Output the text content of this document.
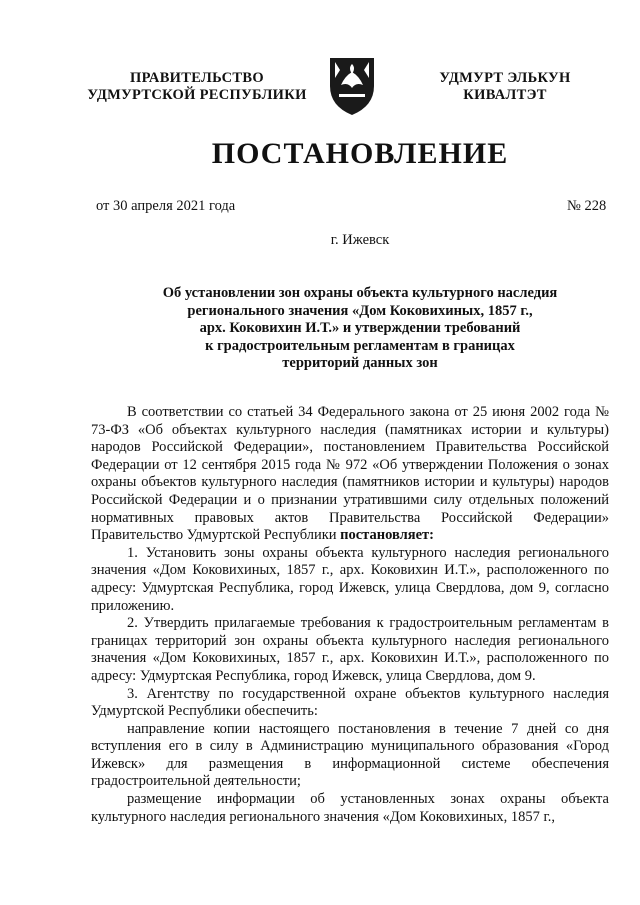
ПРАВИТЕЛЬСТВО
УДМУРТСКОЙ РЕСПУБЛИКИ
УДМУРТ ЭЛЬКУН
КИВАЛТЭТ
ПОСТАНОВЛЕНИЕ
от 30 апреля 2021 года	№ 228
г. Ижевск
Об установлении зон охраны объекта культурного наследия
регионального значения «Дом Коковихиных, 1857 г.,
арх. Коковихин И.Т.» и утверждении требований
к градостроительным регламентам в границах
территорий данных зон

В соответствии со статьей 34 Федерального закона от 25 июня 2002 года № 73-ФЗ «Об объектах культурного наследия (памятниках истории и культуры) народов Российской Федерации», постановлением Правительства Российской Федерации от 12 сентября 2015 года № 972 «Об утверждении Положения о зонах охраны объектов культурного наследия (памятников истории и культуры) народов Российской Федерации и о признании утратившими силу отдельных положений нормативных правовых актов Правительства Российской Федерации» Правительство Удмуртской Республики постановляет:

1. Установить зоны охраны объекта культурного наследия регионального значения «Дом Коковихиных, 1857 г., арх. Коковихин И.Т.», расположенного по адресу: Удмуртская Республика, город Ижевск, улица Свердлова, дом 9, согласно приложению.

2. Утвердить прилагаемые требования к градостроительным регламентам в границах территорий зон охраны объекта культурного наследия регионального значения «Дом Коковихиных, 1857 г., арх. Коковихин И.Т.», расположенного по адресу: Удмуртская Республика, город Ижевск, улица Свердлова, дом 9.

3. Агентству по государственной охране объектов культурного наследия Удмуртской Республики обеспечить:

направление копии настоящего постановления в течение 7 дней со дня вступления его в силу в Администрацию муниципального образования «Город Ижевск» для размещения в информационной системе обеспечения градостроительной деятельности;

размещение информации об установленных зонах охраны объекта культурного наследия регионального значения «Дом Коковихиных, 1857 г.,
